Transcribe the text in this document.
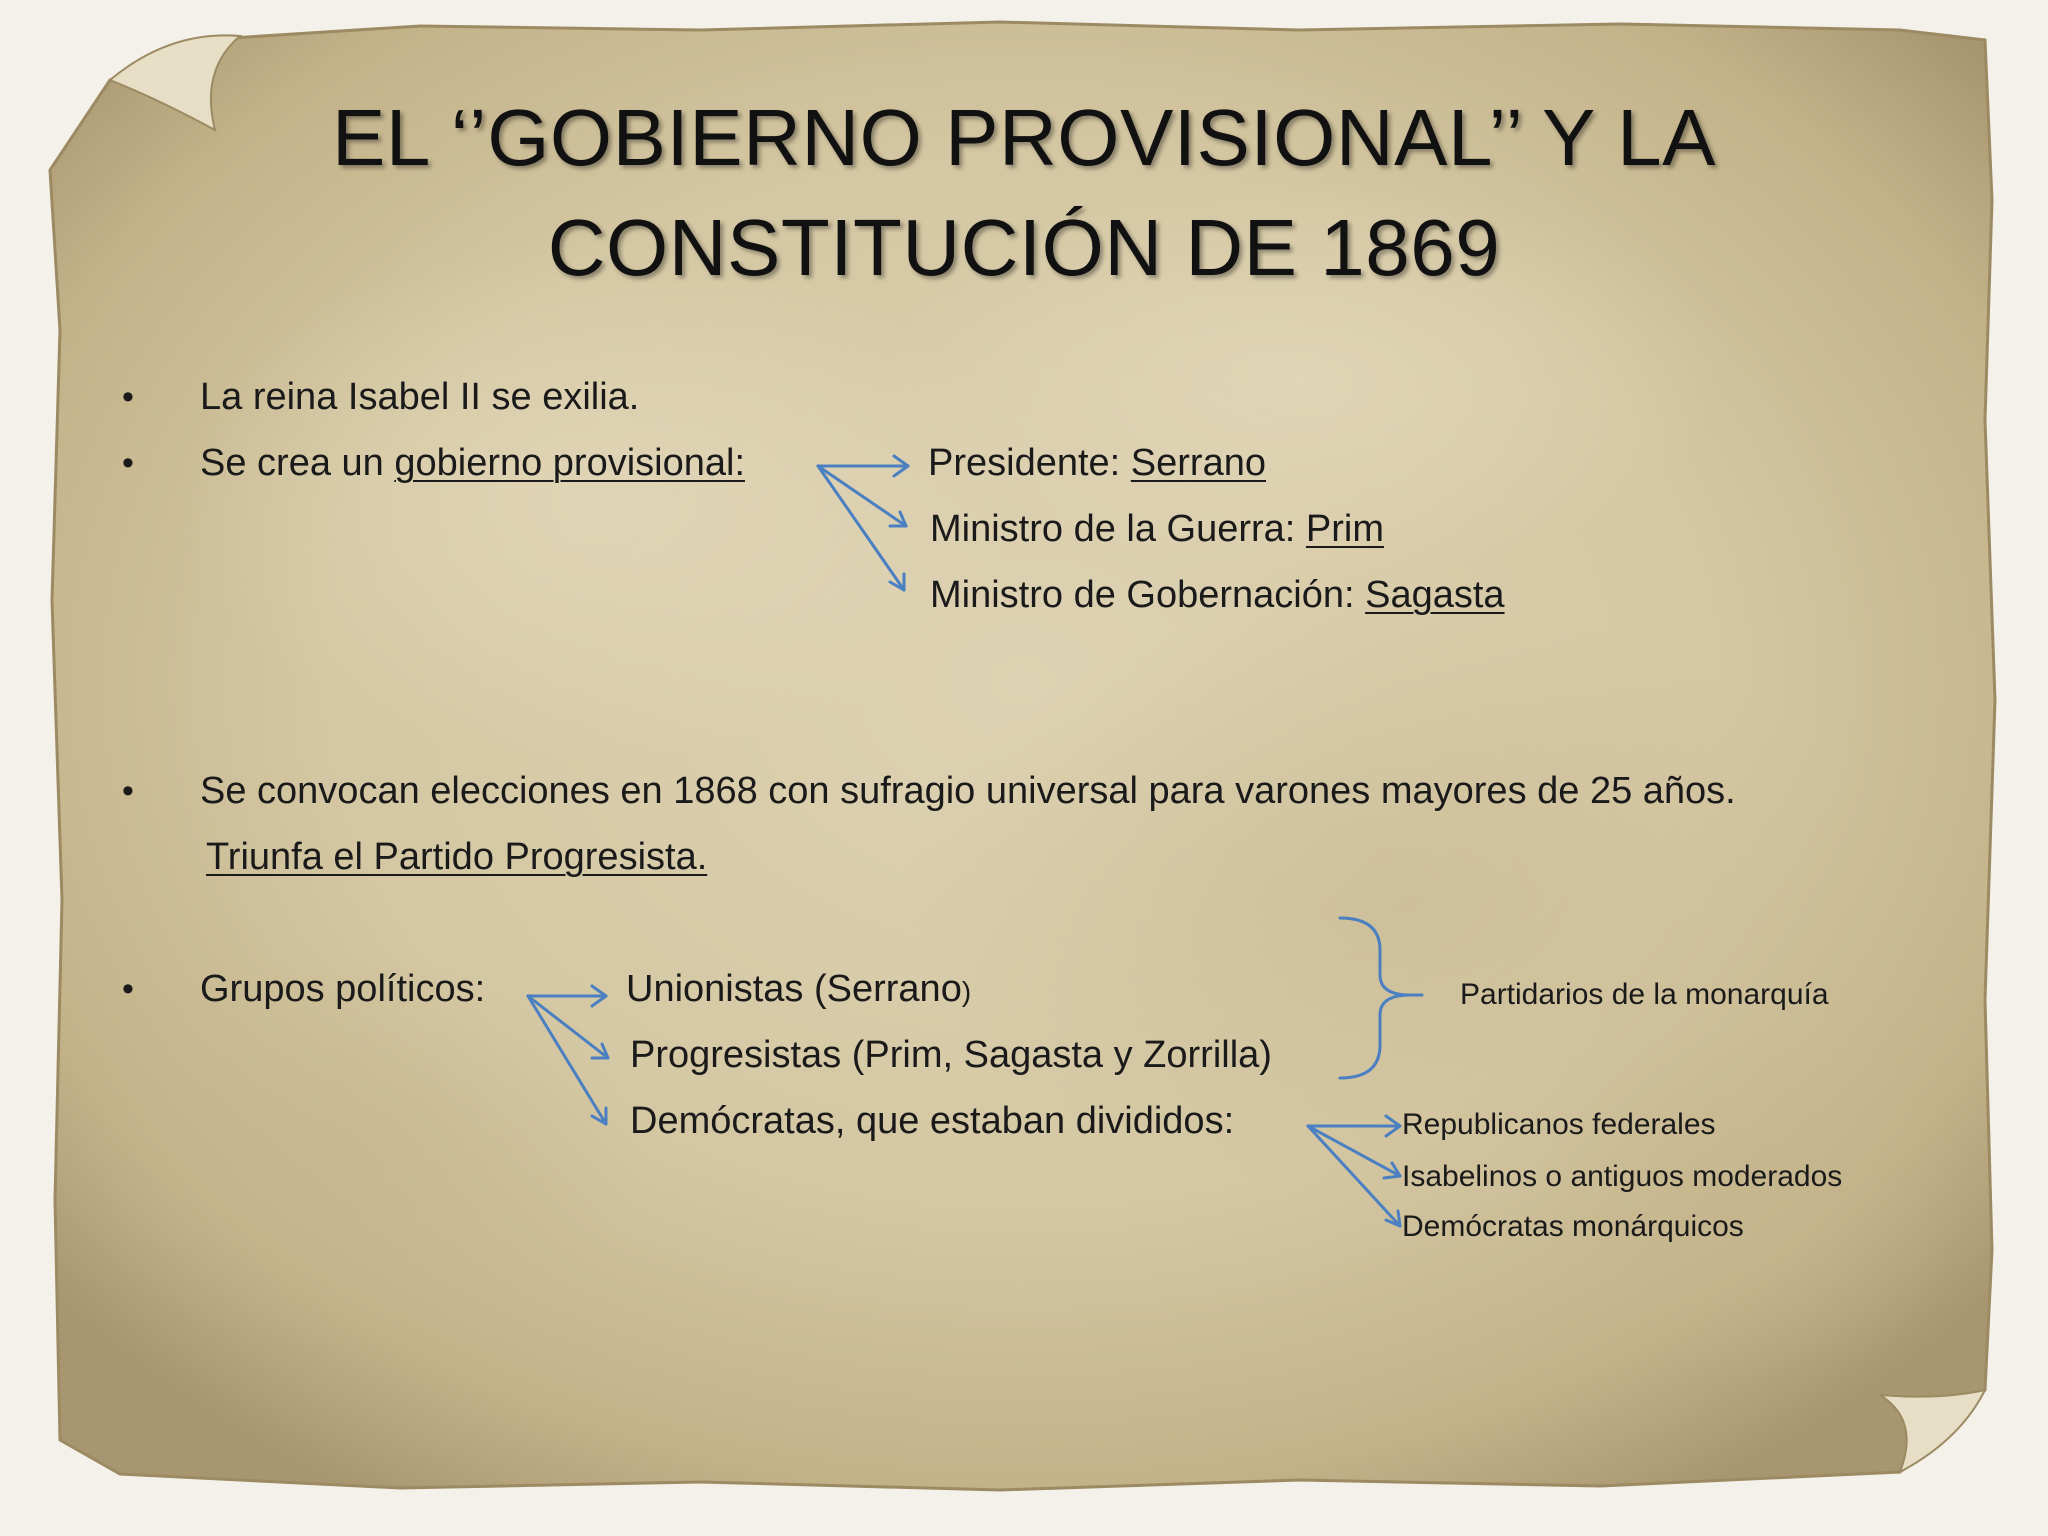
EL ‘’GOBIERNO PROVISIONAL’’ Y LA
CONSTITUCIÓN DE 1869
• La reina Isabel II se exilia.
• Se crea un gobierno provisional:	Presidente: Serrano
Ministro de la Guerra: Prim
Ministro de Gobernación: Sagasta
• Se convocan elecciones en 1868 con sufragio universal para varones mayores de 25 años.
Triunfa el Partido Progresista.
• Grupos políticos:	Unionistas (Serrano)
Progresistas (Prim, Sagasta y Zorrilla)
Demócratas, que estaban divididos:
Partidarios de la monarquía
Republicanos federales
Isabelinos o antiguos moderados
Demócratas monárquicos
